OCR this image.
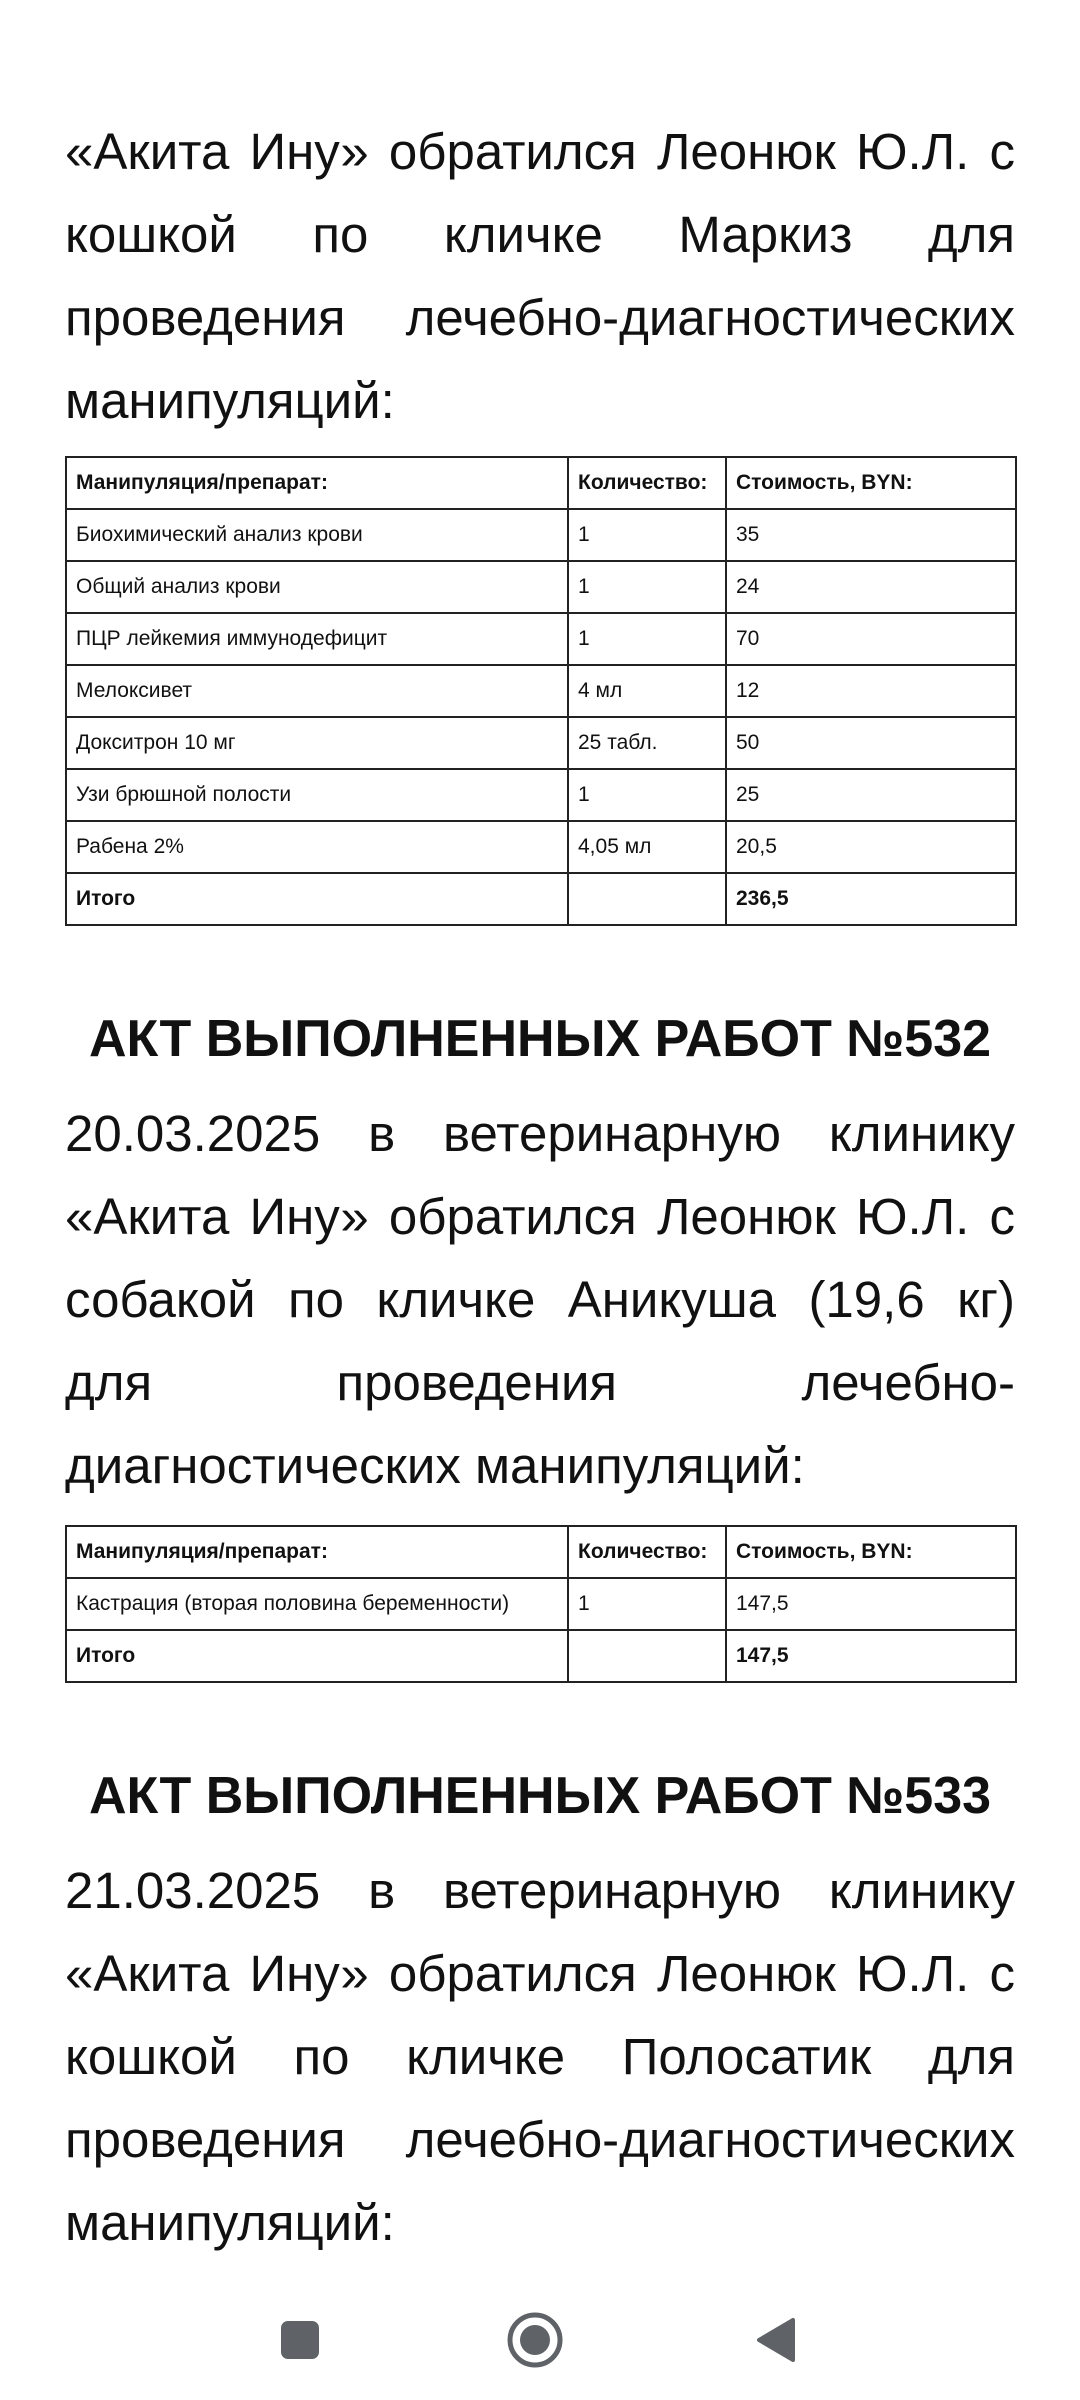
«Акита Ину» обратился Леонюк Ю.Л. с кошкой по кличке Маркиз для проведения лечебно-диагностических манипуляций:

Манипуляция/препарат:	Количество:	Стоимость, BYN:
Биохимический анализ крови	1	35
Общий анализ крови	1	24
ПЦР лейкемия иммунодефицит	1	70
Мелоксивет	4 мл	12
Докситрон 10 мг	25 табл.	50
Узи брюшной полости	1	25
Рабена 2%	4,05 мл	20,5
Итого		236,5
АКТ ВЫПОЛНЕННЫХ РАБОТ №532

20.03.2025 в ветеринарную клинику «Акита Ину» обратился Леонюк Ю.Л. с собакой по кличке Аникуша (19,6 кг) для проведения лечебно-диагностических манипуляций:

Манипуляция/препарат:	Количество:	Стоимость, BYN:
Кастрация (вторая половина беременности)	1	147,5
Итого		147,5
АКТ ВЫПОЛНЕННЫХ РАБОТ №533

21.03.2025 в ветеринарную клинику «Акита Ину» обратился Леонюк Ю.Л. с кошкой по кличке Полосатик для проведения лечебно-диагностических манипуляций:
